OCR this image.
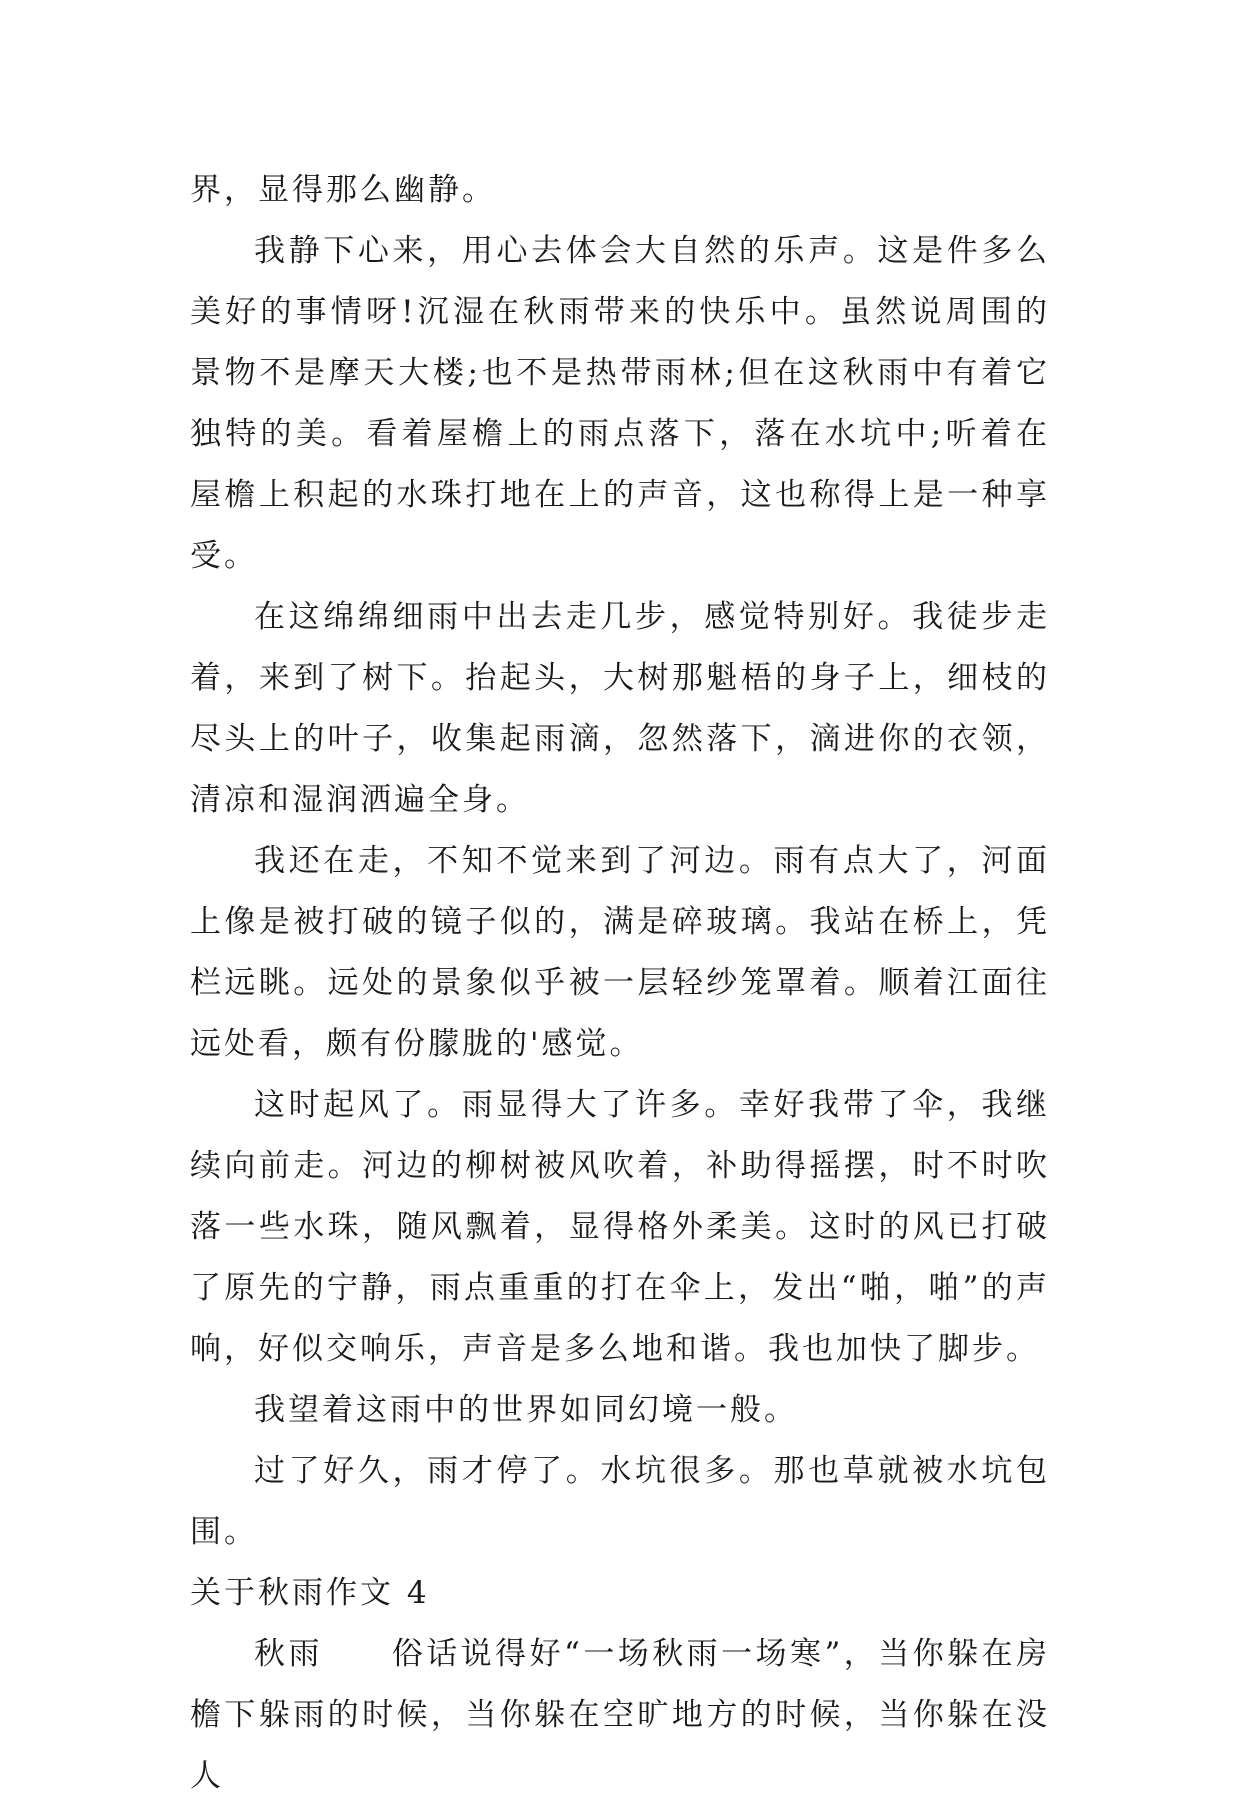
界，显得那么幽静。

我静下心来，用心去体会大自然的乐声。这是件多么美好的事情呀!沉湿在秋雨带来的快乐中。虽然说周围的景物不是摩天大楼;也不是热带雨林;但在这秋雨中有着它独特的美。看着屋檐上的雨点落下，落在水坑中;听着在屋檐上积起的水珠打地在上的声音，这也称得上是一种享受。

在这绵绵细雨中出去走几步，感觉特别好。我徒步走着，来到了树下。抬起头，大树那魁梧的身子上，细枝的尽头上的叶子，收集起雨滴，忽然落下，滴进你的衣领，清凉和湿润洒遍全身。

我还在走，不知不觉来到了河边。雨有点大了，河面上像是被打破的镜子似的，满是碎玻璃。我站在桥上，凭栏远眺。远处的景象似乎被一层轻纱笼罩着。顺着江面往远处看，颇有份朦胧的'感觉。

这时起风了。雨显得大了许多。幸好我带了伞，我继续向前走。河边的柳树被风吹着，补助得摇摆，时不时吹落一些水珠，随风飘着，显得格外柔美。这时的风已打破了原先的宁静，雨点重重的打在伞上，发出“啪，啪”的声响，好似交响乐，声音是多么地和谐。我也加快了脚步。

我望着这雨中的世界如同幻境一般。

过了好久，雨才停了。水坑很多。那也草就被水坑包围。

关于秋雨作文 4

秋雨　　俗话说得好“一场秋雨一场寒”，当你躲在房檐下躲雨的时候，当你躲在空旷地方的时候，当你躲在没人
